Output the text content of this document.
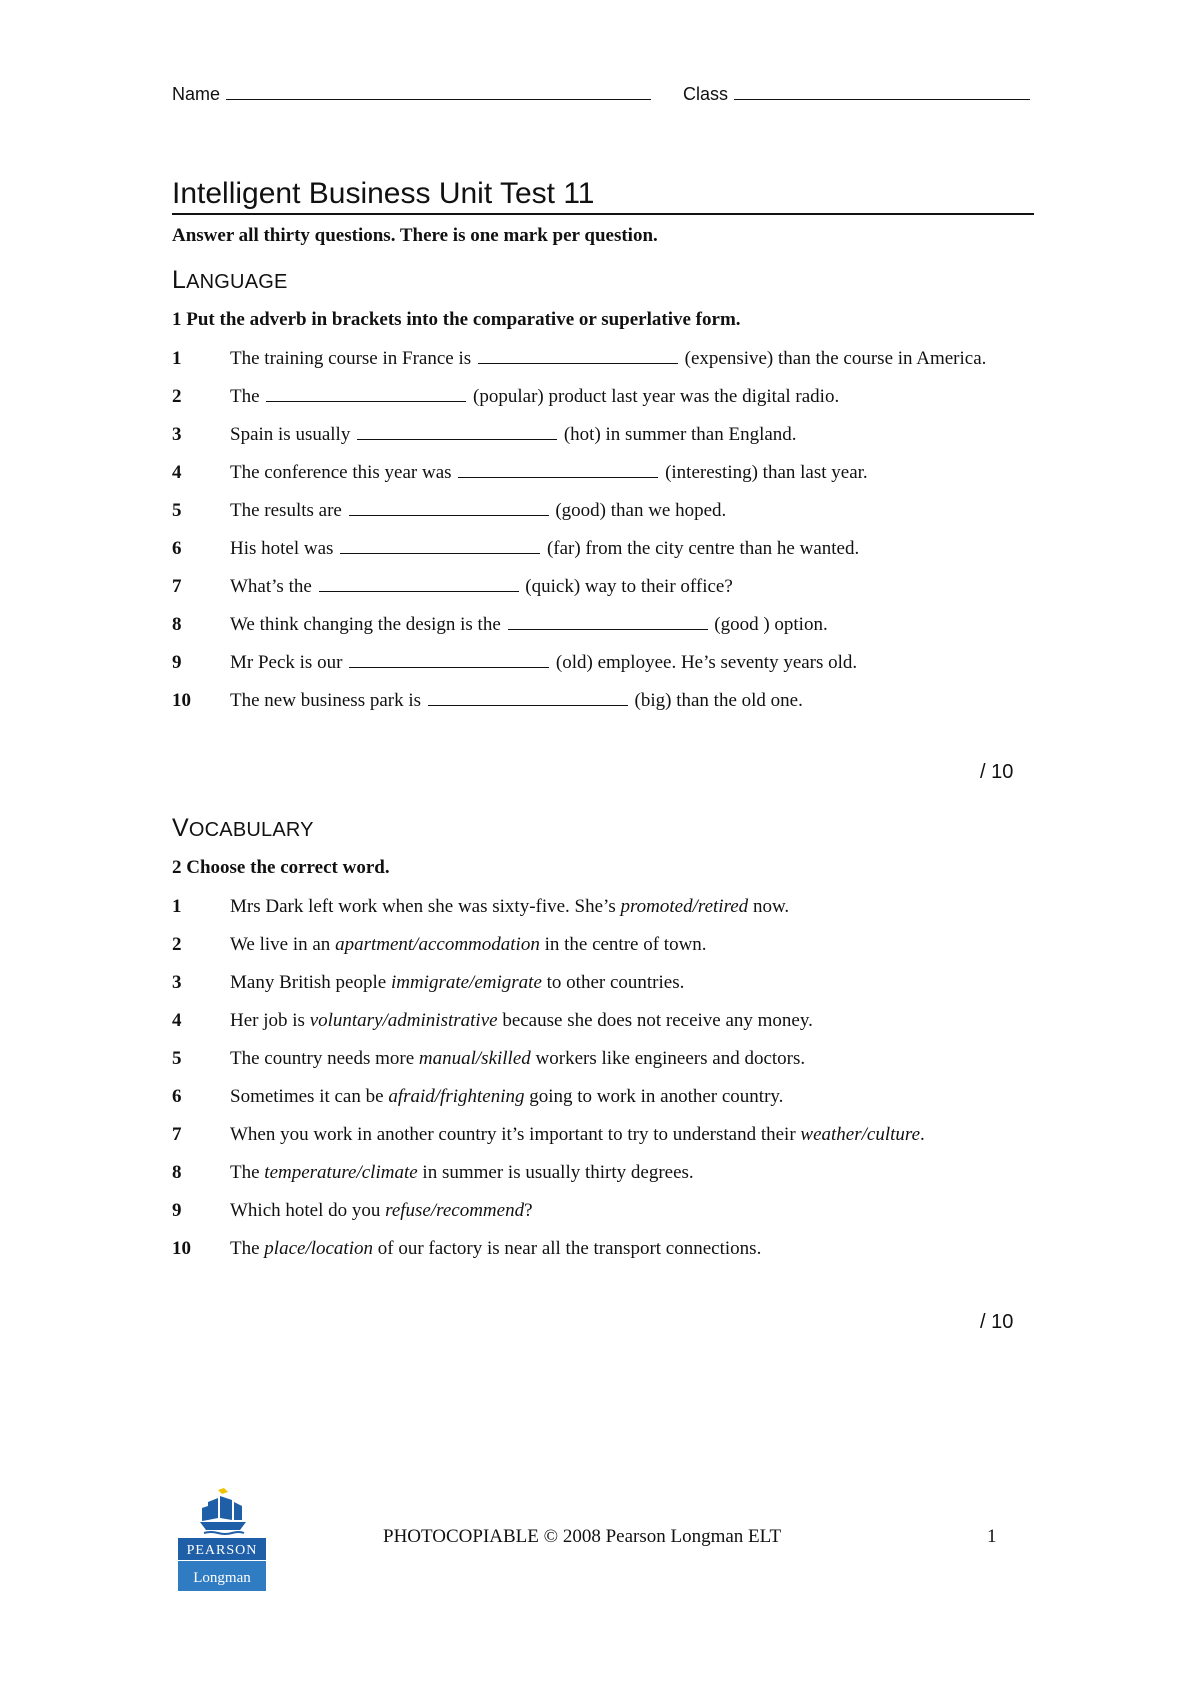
Name	Class
Intelligent Business Unit Test 11
Answer all thirty questions. There is one mark per question.
LANGUAGE
1 Put the adverb in brackets into the comparative or superlative form.
1	The training course in France is	(expensive) than the course in America.
2	The	(popular) product last year was the digital radio.
3	Spain is usually	(hot) in summer than England.
4	The conference this year was	(interesting) than last year.
5	The results are	(good) than we hoped.
6	His hotel was	(far) from the city centre than he wanted.
7	What’s the	(quick) way to their office?
8	We think changing the design is the	(good ) option.
9	Mr Peck is our	(old) employee. He’s seventy years old.
10 The new business park is	(big) than the old one.
/ 10
VOCABULARY
2 Choose the correct word.
1	Mrs Dark left work when she was sixty-five. She’s promoted/retired now.
2	We live in an apartment/accommodation in the centre of town.
3	Many British people immigrate/emigrate to other countries.
4	Her job is voluntary/administrative because she does not receive any money.
5	The country needs more manual/skilled workers like engineers and doctors.
6	Sometimes it can be afraid/frightening going to work in another country.
7	When you work in another country it’s important to try to understand their weather/culture.
8	The temperature/climate in summer is usually thirty degrees.
9	Which hotel do you refuse/recommend?
10 The place/location of our factory is near all the transport connections.
/ 10
PEARSON
Longman
PHOTOCOPIABLE © 2008 Pearson Longman ELT	1
